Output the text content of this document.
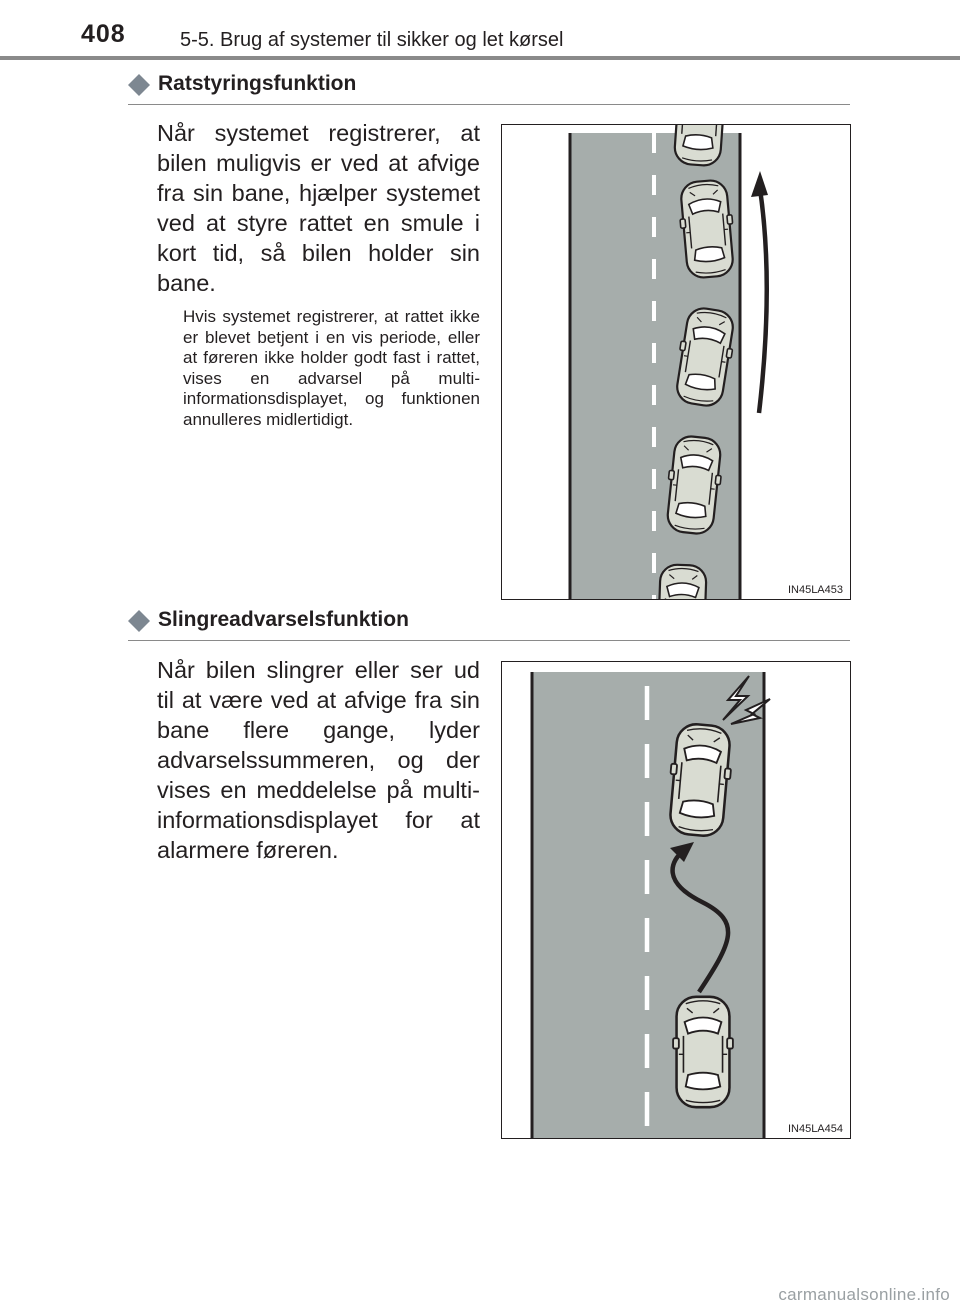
408	5-5. Brug af systemer til sikker og let kørsel
Ratstyringsfunktion
Når systemet registrerer, at bilen muligvis er ved at afvige fra sin bane, hjælper systemet ved at styre rattet en smule i kort tid, så bilen holder sin bane.
Hvis systemet registrerer, at rattet ikke er blevet betjent i en vis periode, eller at føreren ikke holder godt fast i rattet, vises en advarsel på multi-informationsdisplayet, og funktionen annulleres midlertidigt.
IN45LA453
Slingreadvarselsfunktion
Når bilen slingrer eller ser ud til at være ved at afvige fra sin bane flere gange, lyder advarselssummeren, og der vises en meddelelse på multi-informationsdisplayet for at alarmere føreren.
IN45LA454
carmanualsonline.info
